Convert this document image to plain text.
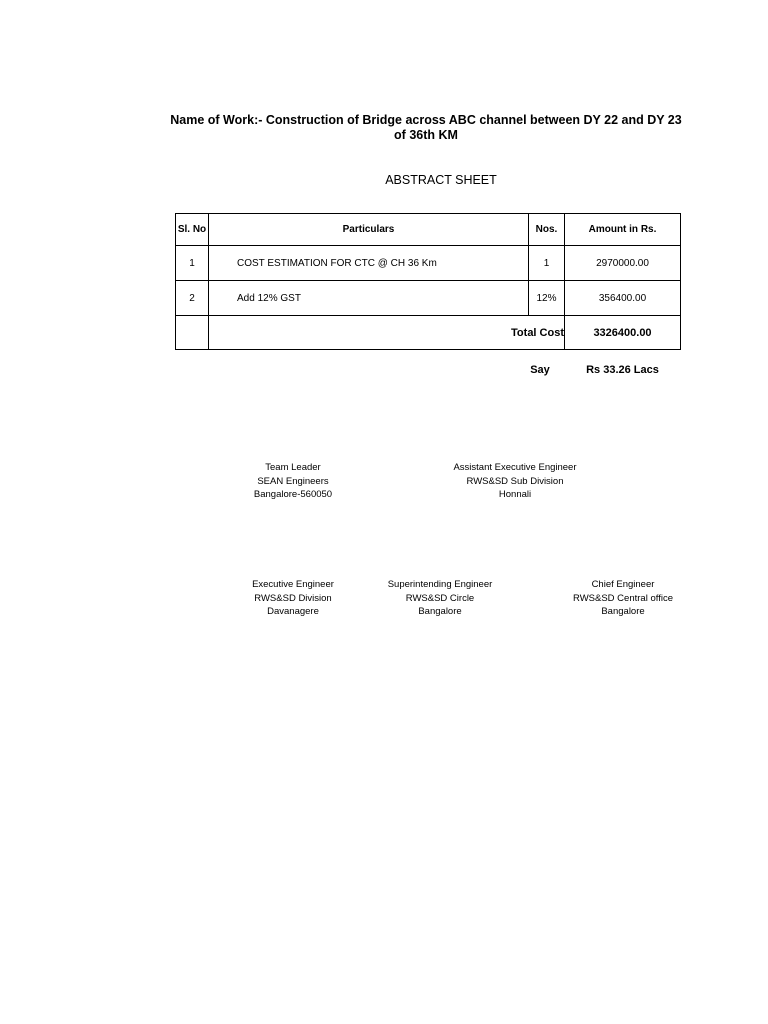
Name of Work:- Construction of Bridge across ABC channel between DY 22 and DY 23 of 36th KM
ABSTRACT SHEET
Sl. No	Particulars	Nos.	Amount in Rs.
1	COST ESTIMATION FOR CTC @ CH 36 Km	1	2970000.00
2	Add 12% GST	12%	356400.00
	Total Cost		3326400.00
Say	Rs 33.26 Lacs
Team Leader
SEAN Engineers
Bangalore-560050
Assistant Executive Engineer
RWS&SD Sub Division
Honnali
Executive Engineer
RWS&SD Division
Davanagere
Superintending Engineer
RWS&SD Circle
Bangalore
Chief Engineer
RWS&SD Central office
Bangalore
